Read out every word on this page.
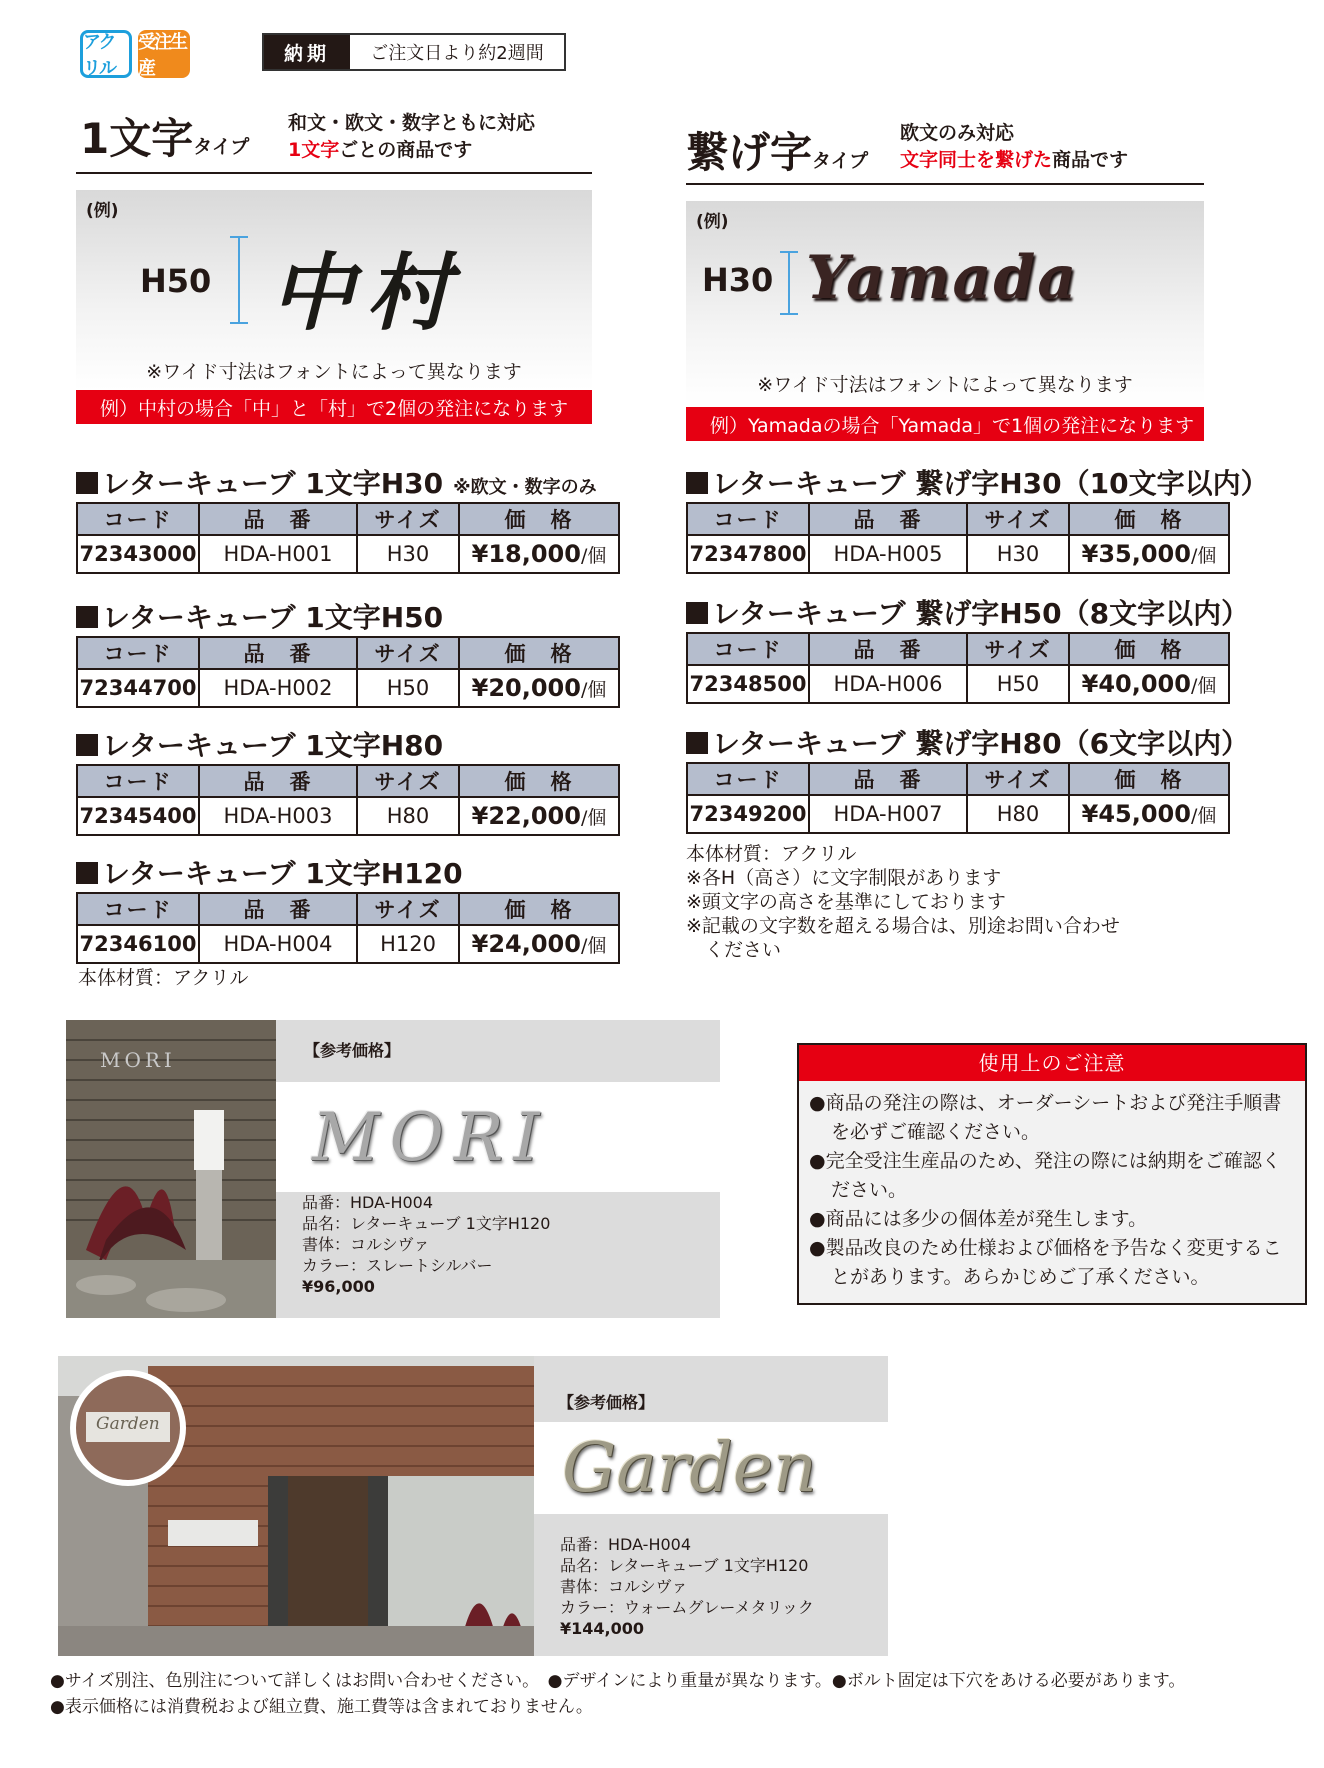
アクリル
受注生産
納期	ご注文日より約2週間
1文字タイプ
和文・欧文・数字ともに対応
1文字ごとの商品です
(例)
H50 中村
※ワイド寸法はフォントによって異なります
例）中村の場合「中」と「村」で2個の発注になります
繋げ字タイプ
欧文のみ対応
文字同士を繋げた商品です
(例)
H30 Yamada
※ワイド寸法はフォントによって異なります
例）Yamadaの場合「Yamada」で1個の発注になります
レターキューブ 1文字H30 ※欧文・数字のみ
コード	品　番	サイズ	価　格
72343000	HDA-H001	H30	¥18,000/個
レターキューブ 1文字H50
コード	品　番	サイズ	価　格
72344700	HDA-H002	H50	¥20,000/個
レターキューブ 1文字H80
コード	品　番	サイズ	価　格
72345400	HDA-H003	H80	¥22,000/個
レターキューブ 1文字H120
コード	品　番	サイズ	価　格
72346100	HDA-H004	H120	¥24,000/個
本体材質：アクリル
レターキューブ 繋げ字H30（10文字以内）
コード	品　番	サイズ	価　格
72347800	HDA-H005	H30	¥35,000/個
レターキューブ 繋げ字H50（8文字以内）
コード	品　番	サイズ	価　格
72348500	HDA-H006	H50	¥40,000/個
レターキューブ 繋げ字H80（6文字以内）
コード	品　番	サイズ	価　格
72349200	HDA-H007	H80	¥45,000/個
本体材質：アクリル
※各H（高さ）に文字制限があります
※頭文字の高さを基準にしております
※記載の文字数を超える場合は、別途お問い合わせ
　ください
MORI	【参考価格】
MORI
品番：HDA-H004
品名：レターキューブ 1文字H120
書体：コルシヴァ
カラー：スレートシルバー
¥96,000
使用上のご注意
● 商品の発注の際は、オーダーシートおよび発注手順書を必ずご確認ください。
● 完全受注生産品のため、発注の際には納期をご確認ください。
● 商品には多少の個体差が発生します。
● 製品改良のため仕様および価格を予告なく変更することがあります。あらかじめご了承ください。
Garden
【参考価格】
Garden
品番：HDA-H004
品名：レターキューブ 1文字H120
書体：コルシヴァ
カラー：ウォームグレーメタリック
¥144,000
●サイズ別注、色別注について詳しくはお問い合わせください。　●デザインにより重量が異なります。●ボルト固定は下穴をあける必要があります。
●表示価格には消費税および組立費、施工費等は含まれておりません。
